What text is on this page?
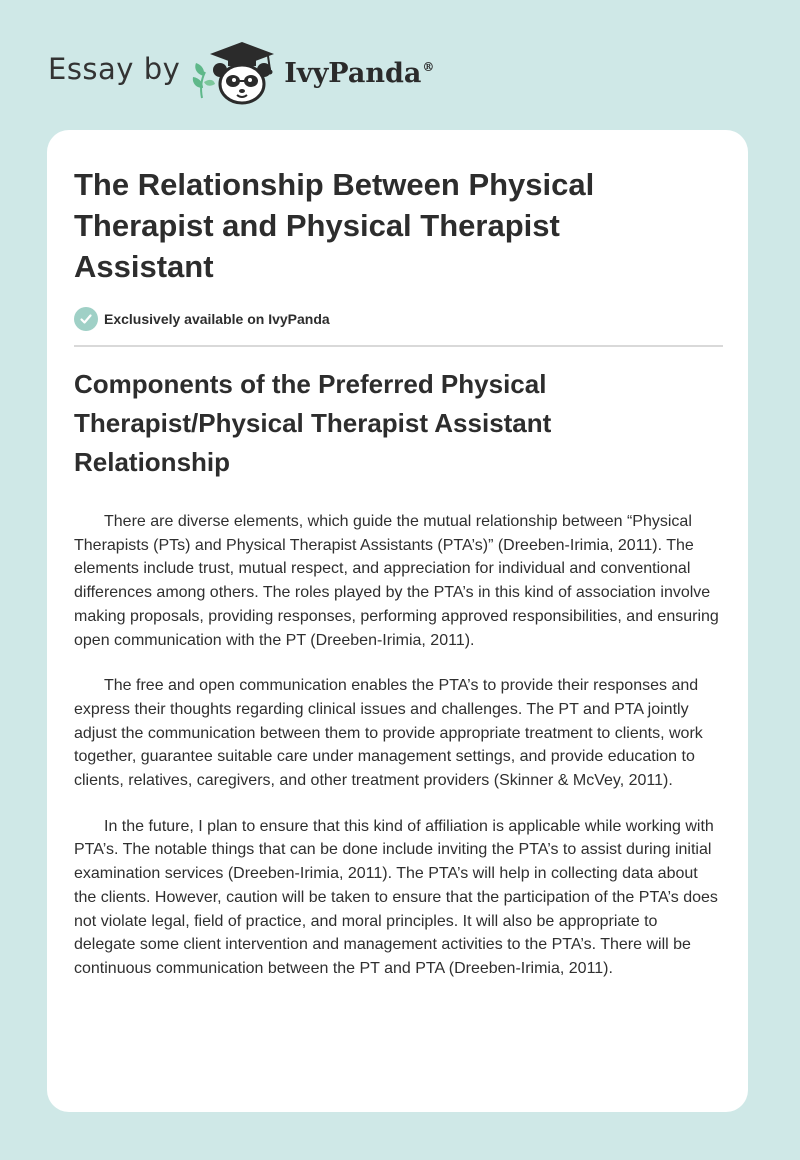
Essay by	IvyPanda®
The Relationship Between Physical Therapist and Physical Therapist Assistant
Exclusively available on IvyPanda
Components of the Preferred Physical Therapist/Physical Therapist Assistant Relationship

There are diverse elements, which guide the mutual relationship between “Physical Therapists (PTs) and Physical Therapist Assistants (PTA’s)” (Dreeben-Irimia, 2011). The elements include trust, mutual respect, and appreciation for individual and conventional differences among others. The roles played by the PTA’s in this kind of association involve making proposals, providing responses, performing approved responsibilities, and ensuring open communication with the PT (Dreeben-Irimia, 2011).

The free and open communication enables the PTA’s to provide their responses and express their thoughts regarding clinical issues and challenges. The PT and PTA jointly adjust the communication between them to provide appropriate treatment to clients, work together, guarantee suitable care under management settings, and provide education to clients, relatives, caregivers, and other treatment providers (Skinner & McVey, 2011).

In the future, I plan to ensure that this kind of affiliation is applicable while working with PTA’s. The notable things that can be done include inviting the PTA’s to assist during initial examination services (Dreeben-Irimia, 2011). The PTA’s will help in collecting data about the clients. However, caution will be taken to ensure that the participation of the PTA’s does not violate legal, field of practice, and moral principles. It will also be appropriate to delegate some client intervention and management activities to the PTA’s. There will be continuous communication between the PT and PTA (Dreeben-Irimia, 2011).
